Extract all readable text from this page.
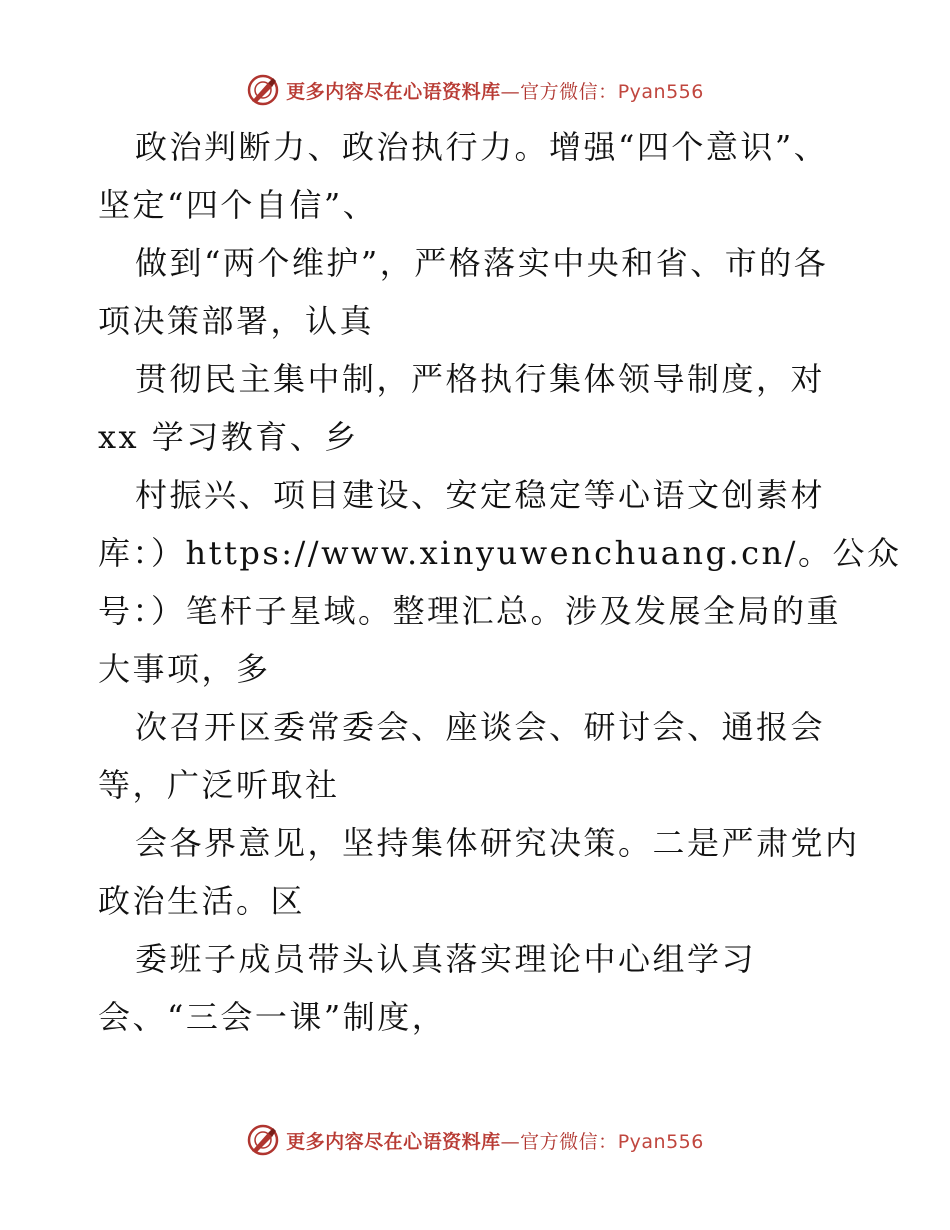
更多内容尽在心语资料库—官方微信：Pyan556
政治判断力、政治执行力。增强“四个意识”、
坚定“四个自信”、
做到“两个维护”，严格落实中央和省、市的各
项决策部署，认真
贯彻民主集中制，严格执行集体领导制度，对
xx 学习教育、乡
村振兴、项目建设、安定稳定等心语文创素材
库：）https://www.xinyuwenchuang.cn/。公众
号：）笔杆子星域。整理汇总。涉及发展全局的重
大事项，多
次召开区委常委会、座谈会、研讨会、通报会
等，广泛听取社
会各界意见，坚持集体研究决策。二是严肃党内
政治生活。区
委班子成员带头认真落实理论中心组学习
会、“三会一课”制度，
更多内容尽在心语资料库—官方微信：Pyan556
